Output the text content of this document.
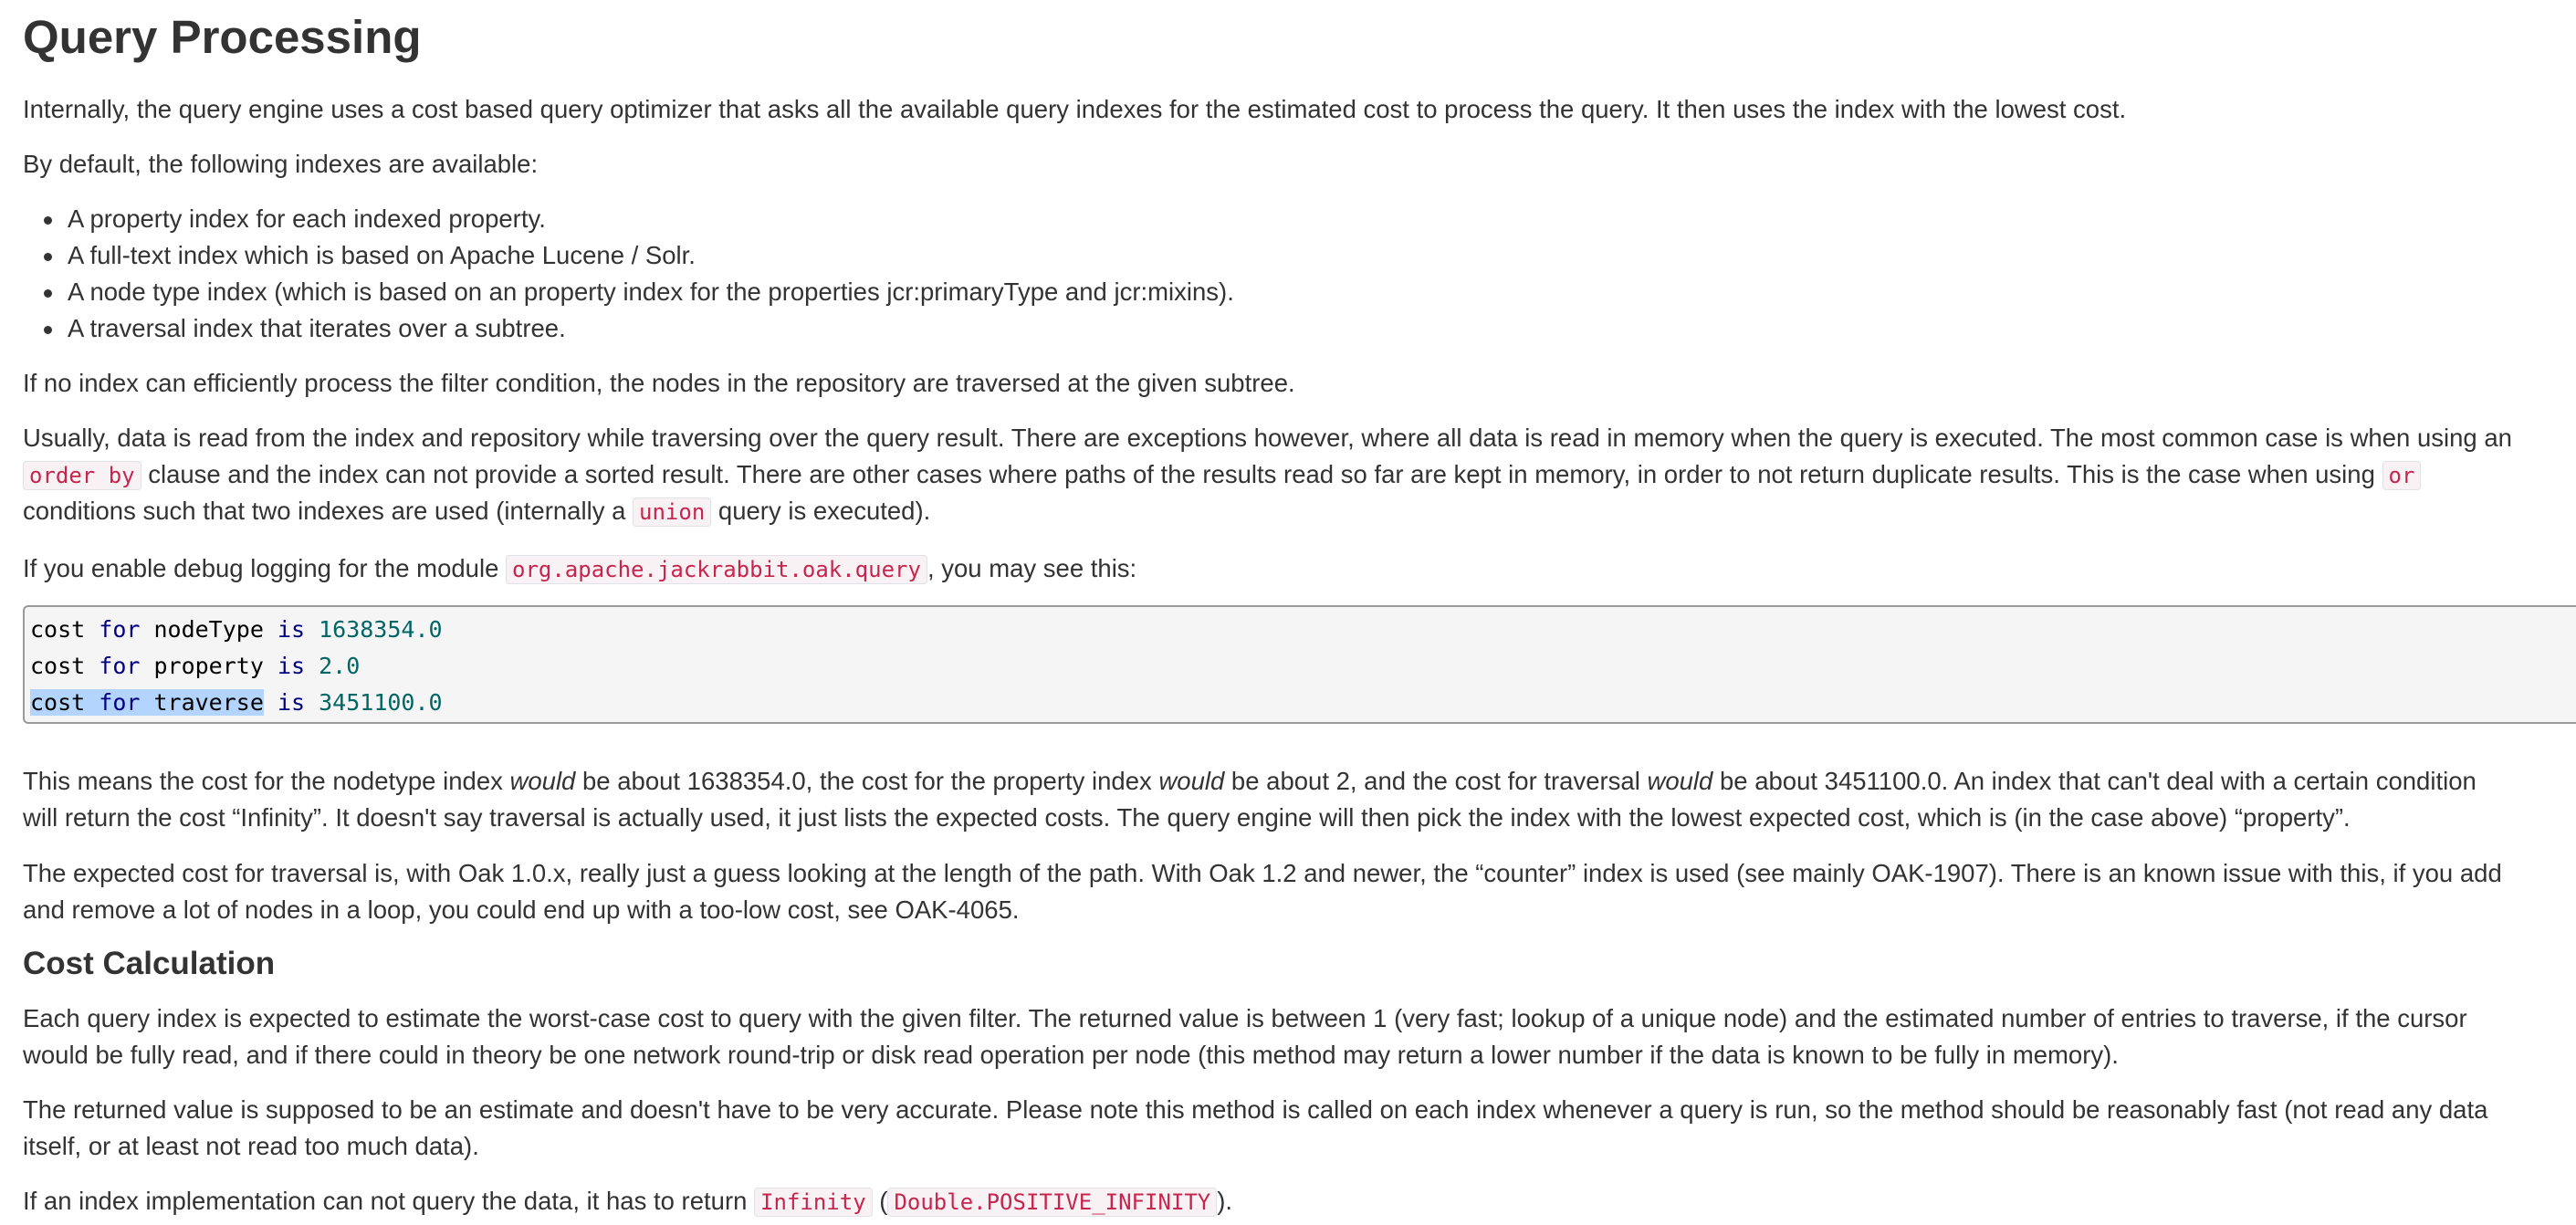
Query Processing
Internally, the query engine uses a cost based query optimizer that asks all the available query indexes for the estimated cost to process the query. It then uses the index with the lowest cost.
By default, the following indexes are available:
A property index for each indexed property.
A full-text index which is based on Apache Lucene / Solr.
A node type index (which is based on an property index for the properties jcr:primaryType and jcr:mixins).
A traversal index that iterates over a subtree.
If no index can efficiently process the filter condition, the nodes in the repository are traversed at the given subtree.
Usually, data is read from the index and repository while traversing over the query result. There are exceptions however, where all data is read in memory when the query is executed. The most common case is when using an
order by clause and the index can not provide a sorted result. There are other cases where paths of the results read so far are kept in memory, in order to not return duplicate results. This is the case when using or
conditions such that two indexes are used (internally a union query is executed).
If you enable debug logging for the module org.apache.jackrabbit.oak.query , you may see this:
cost for nodeType is 1638354.0
cost for property is 2.0
cost for traverse is 3451100.0
This means the cost for the nodetype index would be about 1638354.0, the cost for the property index would be about 2, and the cost for traversal would be about 3451100.0. An index that can't deal with a certain condition
will return the cost “Infinity”. It doesn't say traversal is actually used, it just lists the expected costs. The query engine will then pick the index with the lowest expected cost, which is (in the case above) “property”.
The expected cost for traversal is, with Oak 1.0.x, really just a guess looking at the length of the path. With Oak 1.2 and newer, the “counter” index is used (see mainly OAK-1907). There is an known issue with this, if you add
and remove a lot of nodes in a loop, you could end up with a too-low cost, see OAK-4065.
Cost Calculation
Each query index is expected to estimate the worst-case cost to query with the given filter. The returned value is between 1 (very fast; lookup of a unique node) and the estimated number of entries to traverse, if the cursor
would be fully read, and if there could in theory be one network round-trip or disk read operation per node (this method may return a lower number if the data is known to be fully in memory).
The returned value is supposed to be an estimate and doesn't have to be very accurate. Please note this method is called on each index whenever a query is run, so the method should be reasonably fast (not read any data
itself, or at least not read too much data).
If an index implementation can not query the data, it has to return Infinity ( Double.POSITIVE_INFINITY ).
